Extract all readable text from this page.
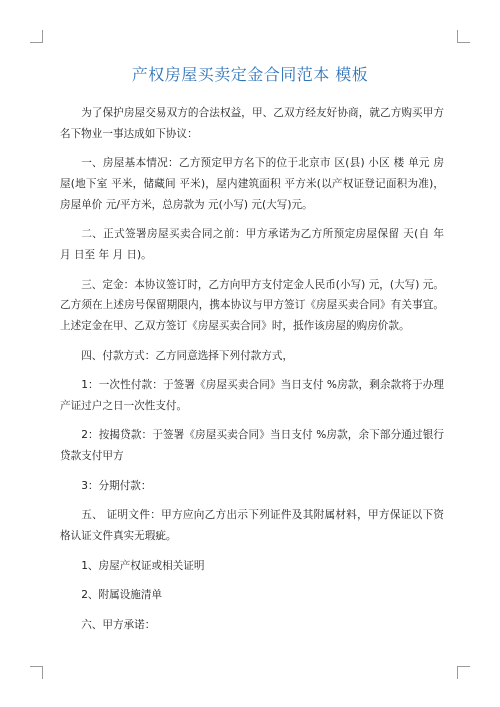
产权房屋买卖定金合同范本 模板

为了保护房屋交易双方的合法权益，甲、乙双方经友好协商，就乙方购买甲方名下物业一事达成如下协议：

一、房屋基本情况：乙方预定甲方名下的位于北京市 区(县) 小区 楼 单元 房屋(地下室 平米，储藏间 平米)，屋内建筑面积 平方米(以产权证登记面积为准)，房屋单价 元/平方米，总房款为 元(小写) 元(大写)元。

二、正式签署房屋买卖合同之前：甲方承诺为乙方所预定房屋保留 天(自 年 月 日至 年 月 日)。

三、定金：本协议签订时，乙方向甲方支付定金人民币(小写) 元，(大写) 元。乙方须在上述房号保留期限内，携本协议与甲方签订《房屋买卖合同》有关事宜。上述定金在甲、乙双方签订《房屋买卖合同》时，抵作该房屋的购房价款。

四、付款方式：乙方同意选择下列付款方式，

1：一次性付款：于签署《房屋买卖合同》当日支付 %房款，剩余款将于办理产证过户之日一次性支付。

2：按揭贷款：于签署《房屋买卖合同》当日支付 %房款，余下部分通过银行贷款支付甲方

3：分期付款：

五、 证明文件：甲方应向乙方出示下列证件及其附属材料，甲方保证以下资格认证文件真实无瑕疵。

1、房屋产权证或相关证明

2、附属设施清单

六、甲方承诺：
